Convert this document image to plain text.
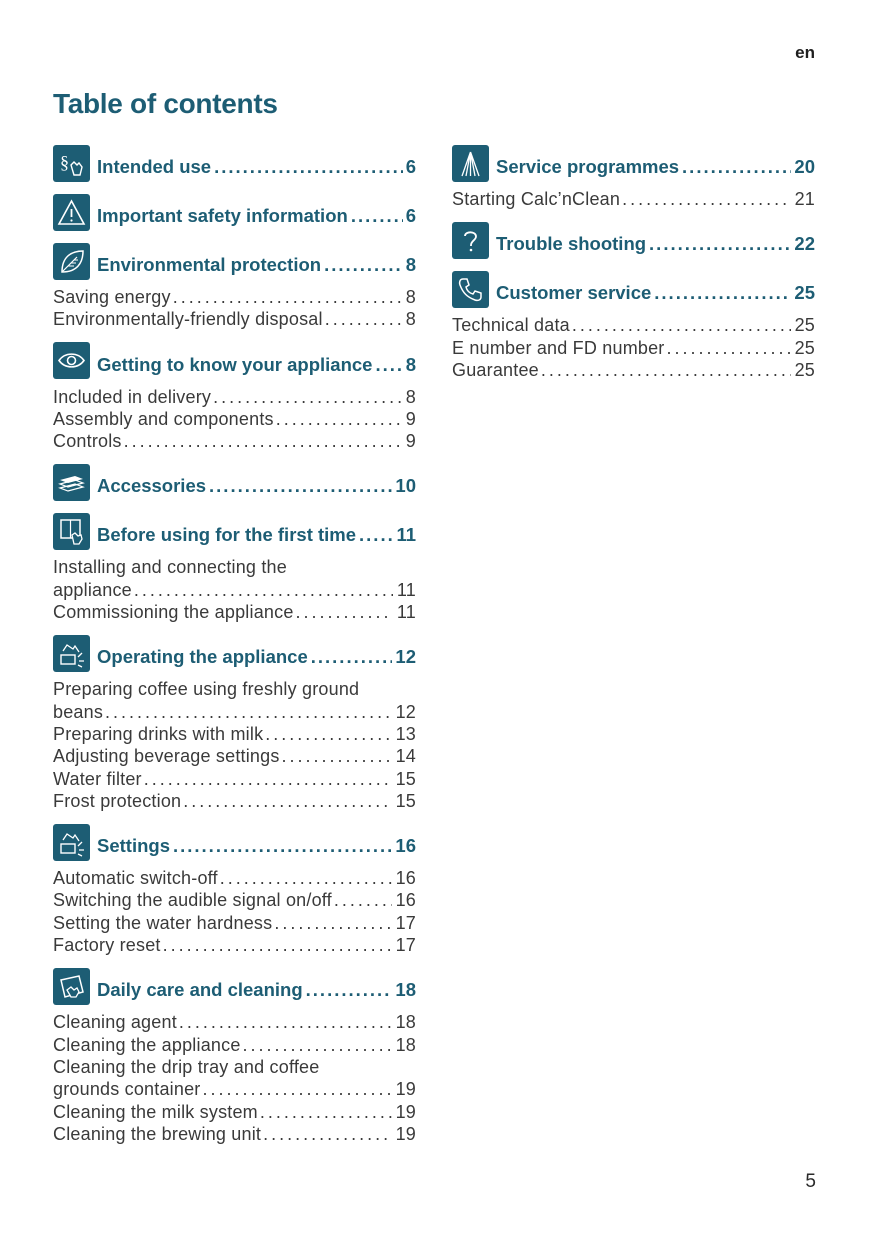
en
Table of contents
§ Intended use .....	6
Important safety information .....	6
Environmental protection .....	8
Saving energy .....	8
Environmentally-friendly disposal .....	8
Getting to know your appliance ..... 8
Included in delivery .....	8
Assembly and components .....	9
Controls .....	9
Accessories .....	10
Before using for the first time ..... 11
Installing and connecting the
appliance .....	11
Commissioning the appliance .....	11
Operating the appliance .....	12
Preparing coffee using freshly ground
beans .....	12
Preparing drinks with milk .....	13
Adjusting beverage settings .....	14
Water filter .....	15
Frost protection .....	15
Settings .....	16
Automatic switch-off .....	16
Switching the audible signal on/off .....	16
Setting the water hardness .....	17
Factory reset .....	17
Daily care and cleaning .....	18
Cleaning agent .....	18
Cleaning the appliance .....	18
Cleaning the drip tray and coffee
grounds container .....	19
Cleaning the milk system .....	19
Cleaning the brewing unit .....	19
Service programmes .....	20
Starting Calc’nClean .....	21
Trouble shooting .....	22
Customer service .....	25
Technical data .....	25
E number and FD number .....	25
Guarantee .....	25
5
